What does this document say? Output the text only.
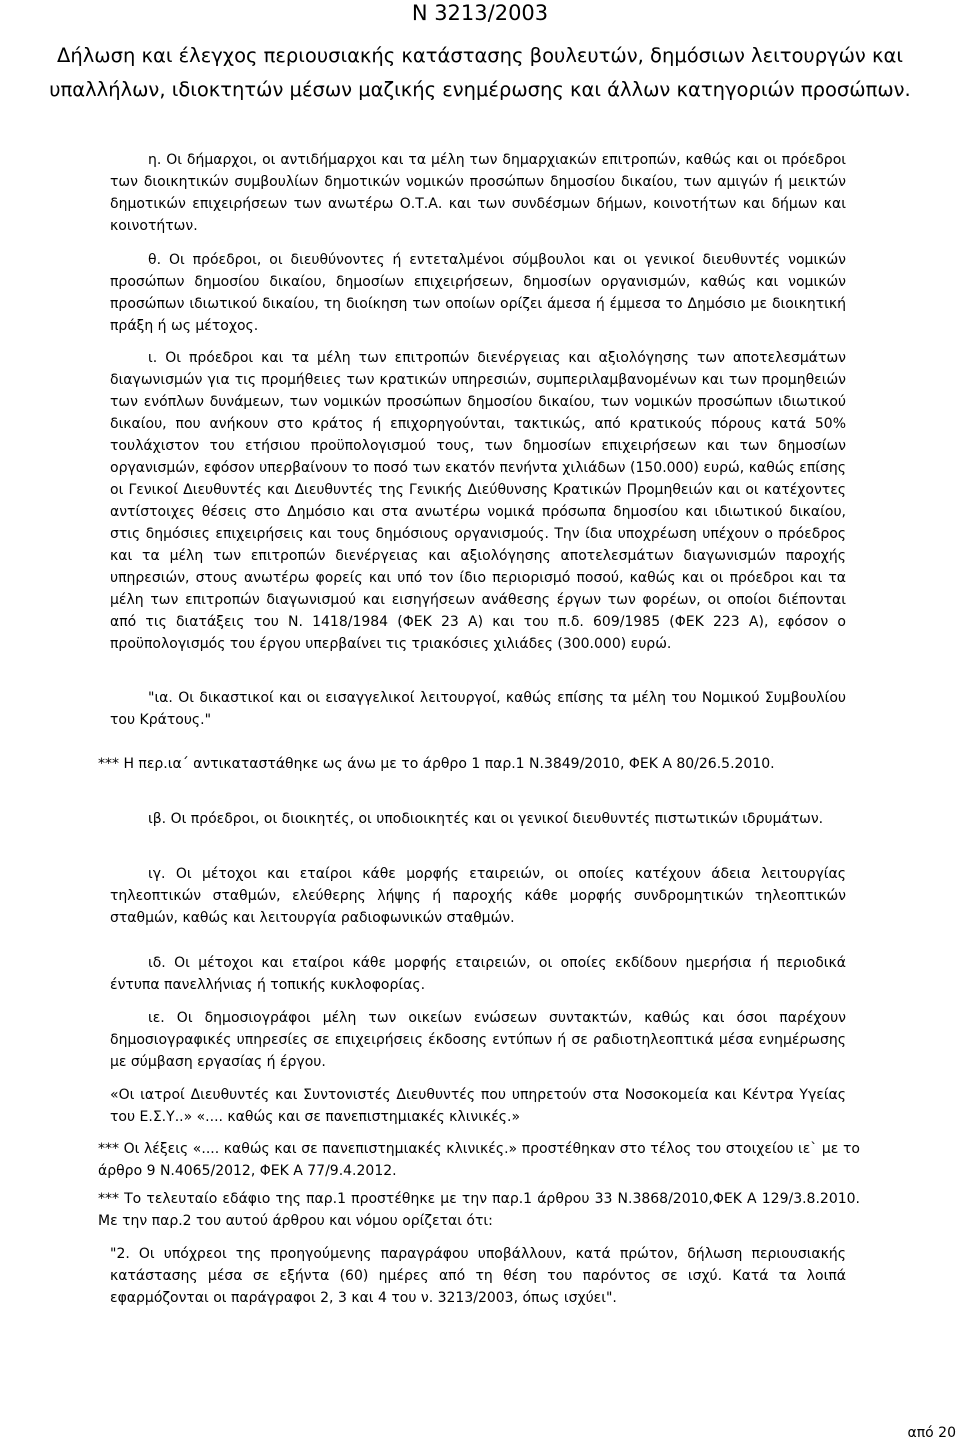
Ν 3213/2003
Δήλωση και έλεγχος περιουσιακής κατάστασης βουλευτών, δημόσιων λειτουργών και
υπαλλήλων, ιδιοκτητών μέσων μαζικής ενημέρωσης και άλλων κατηγοριών προσώπων.

η. Οι δήμαρχοι, οι αντιδήμαρχοι και τα μέλη των δημαρχιακών επιτροπών, καθώς και οι πρόεδροι των διοικητικών συμβουλίων δημοτικών νομικών προσώπων δημοσίου δικαίου, των αμιγών ή μεικτών δημοτικών επιχειρήσεων των ανωτέρω Ο.Τ.Α. και των συνδέσμων δήμων, κοινοτήτων και δήμων και κοινοτήτων.

θ. Οι πρόεδροι, οι διευθύνοντες ή εντεταλμένοι σύμβουλοι και οι γενικοί διευθυντές νομικών προσώπων δημοσίου δικαίου, δημοσίων επιχειρήσεων, δημοσίων οργανισμών, καθώς και νομικών προσώπων ιδιωτικού δικαίου, τη διοίκηση των οποίων ορίζει άμεσα ή έμμεσα το Δημόσιο με διοικητική πράξη ή ως μέτοχος.

ι. Οι πρόεδροι και τα μέλη των επιτροπών διενέργειας και αξιολόγησης των αποτελεσμάτων διαγωνισμών για τις προμήθειες των κρατικών υπηρεσιών, συμπεριλαμβανομένων και των προμηθειών των ενόπλων δυνάμεων, των νομικών προσώπων δημοσίου δικαίου, των νομικών προσώπων ιδιωτικού δικαίου, που ανήκουν στο κράτος ή επιχορηγούνται, τακτικώς, από κρατικούς πόρους κατά 50% τουλάχιστον του ετήσιου προϋπολογισμού τους, των δημοσίων επιχειρήσεων και των δημοσίων οργανισμών, εφόσον υπερβαίνουν το ποσό των εκατόν πενήντα χιλιάδων (150.000) ευρώ, καθώς επίσης οι Γενικοί Διευθυντές και Διευθυντές της Γενικής Διεύθυνσης Κρατικών Προμηθειών και οι κατέχοντες αντίστοιχες θέσεις στο Δημόσιο και στα ανωτέρω νομικά πρόσωπα δημοσίου και ιδιωτικού δικαίου, στις δημόσιες επιχειρήσεις και τους δημόσιους οργανισμούς. Την ίδια υποχρέωση υπέχουν ο πρόεδρος και τα μέλη των επιτροπών διενέργειας και αξιολόγησης αποτελεσμάτων διαγωνισμών παροχής υπηρεσιών, στους ανωτέρω φορείς και υπό τον ίδιο περιορισμό ποσού, καθώς και οι πρόεδροι και τα μέλη των επιτροπών διαγωνισμού και εισηγήσεων ανάθεσης έργων των φορέων, οι οποίοι διέπονται από τις διατάξεις του Ν. 1418/1984 (ΦΕΚ 23 Α) και του π.δ. 609/1985 (ΦΕΚ 223 Α), εφόσον ο προϋπολογισμός του έργου υπερβαίνει τις τριακόσιες χιλιάδες (300.000) ευρώ.

"ια. Οι δικαστικοί και οι εισαγγελικοί λειτουργοί, καθώς επίσης τα μέλη του Νομικού Συμβουλίου του Κράτους."

*** Η περ.ια΄ αντικαταστάθηκε ως άνω με το άρθρο 1 παρ.1 Ν.3849/2010, ΦΕΚ Α 80/26.5.2010.

ιβ. Οι πρόεδροι, οι διοικητές, οι υποδιοικητές και οι γενικοί διευθυντές πιστωτικών ιδρυμάτων.

ιγ. Οι μέτοχοι και εταίροι κάθε μορφής εταιρειών, οι οποίες κατέχουν άδεια λειτουργίας τηλεοπτικών σταθμών, ελεύθερης λήψης ή παροχής κάθε μορφής συνδρομητικών τηλεοπτικών σταθμών, καθώς και λειτουργία ραδιοφωνικών σταθμών.

ιδ. Οι μέτοχοι και εταίροι κάθε μορφής εταιρειών, οι οποίες εκδίδουν ημερήσια ή περιοδικά έντυπα πανελλήνιας ή τοπικής κυκλοφορίας.

ιε. Οι δημοσιογράφοι μέλη των οικείων ενώσεων συντακτών, καθώς και όσοι παρέχουν δημοσιογραφικές υπηρεσίες σε επιχειρήσεις έκδοσης εντύπων ή σε ραδιοτηλεοπτικά μέσα ενημέρωσης με σύμβαση εργασίας ή έργου.

«Οι ιατροί Διευθυντές και Συντονιστές Διευθυντές που υπηρετούν στα Νοσοκομεία και Κέντρα Υγείας του Ε.Σ.Υ..» «.... καθώς και σε πανεπιστημιακές κλινικές.»

*** Οι λέξεις «.... καθώς και σε πανεπιστημιακές κλινικές.» προστέθηκαν στο τέλος του στοιχείου ιε` με το άρθρο 9 Ν.4065/2012, ΦΕΚ Α 77/9.4.2012.

*** Το τελευταίο εδάφιο της παρ.1 προστέθηκε με την παρ.1 άρθρου 33 Ν.3868/2010,ΦΕΚ Α 129/3.8.2010. Με την παρ.2 του αυτού άρθρου και νόμου ορίζεται ότι:

"2. Οι υπόχρεοι της προηγούμενης παραγράφου υποβάλλουν, κατά πρώτον, δήλωση περιουσιακής κατάστασης μέσα σε εξήντα (60) ημέρες από τη θέση του παρόντος σε ισχύ. Κατά τα λοιπά εφαρμόζονται οι παράγραφοι 2, 3 και 4 του ν. 3213/2003, όπως ισχύει".

από 20
